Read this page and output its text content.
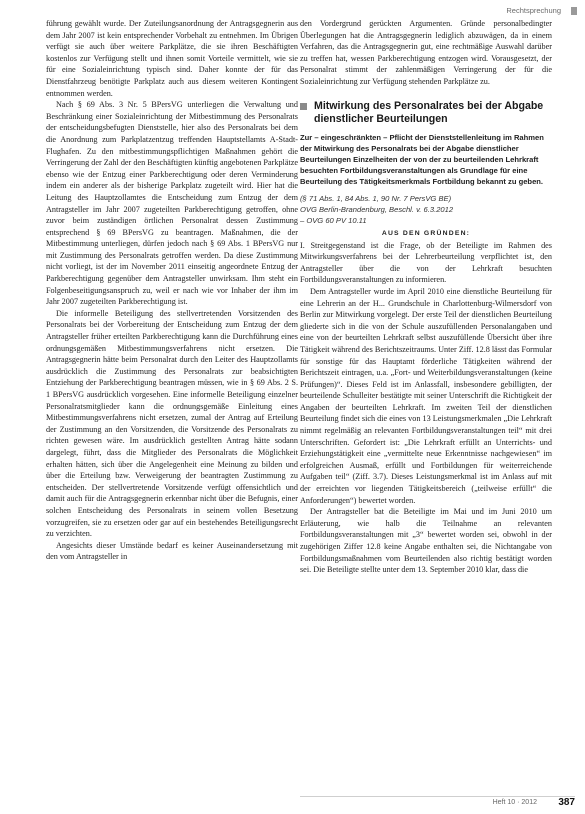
Rechtsprechung

führung gewählt wurde. Der Zuteilungsanordnung der Antragsgegnerin aus dem Jahr 2007 ist kein entsprechender Vorbehalt zu entnehmen. Im Übrigen verfügt sie auch über weitere Parkplätze, die sie ihren Beschäftigten kostenlos zur Verfügung stellt und ihnen somit Vorteile vermittelt, wie sie für eine Sozialeinrichtung typisch sind. Daher konnte der für das Dienstfahrzeug benötigte Parkplatz auch aus diesem weiteren Kontingent entnommen werden.

Nach § 69 Abs. 3 Nr. 5 BPersVG unterliegen die Verwaltung und Beschränkung einer Sozialeinrichtung der Mitbestimmung des Personalrats der entscheidungsbefugten Dienststelle, hier also des Personalrats bei dem die Anordnung zum Parkplatzentzug treffenden Hauptstellamts A-Stadt-Flughafen. Zu den mitbestimmungspflichtigen Maßnahmen gehört die Verringerung der Zahl der den Beschäftigten künftig angebotenen Parkplätze ebenso wie der Entzug einer Parkberechtigung oder deren Verminderung indem ein anderer als der bisherige Parkplatz zugeteilt wird. Hier hat die Leitung des Hauptzollamtes die Entscheidung zum Entzug der dem Antragsteller im Jahr 2007 zugeteilten Parkberechtigung getroffen, ohne zuvor beim zuständigen örtlichen Personalrat dessen Zustimmung entsprechend § 69 BPersVG zu beantragen. Maßnahmen, die der Mitbestimmung unterliegen, dürfen jedoch nach § 69 Abs. 1 BPersVG nur mit Zustimmung des Personalrats getroffen werden. Da diese Zustimmung nicht vorliegt, ist der im November 2011 einseitig angeordnete Entzug der Parkberechtigung gegenüber dem Antragsteller unwirksam. Ihm steht ein Folgenbeseitigungsanspruch zu, weil er nach wie vor Inhaber der ihm im Jahr 2007 zugeteilten Parkberechtigung ist.

Die informelle Beteiligung des stellvertretenden Vorsitzenden des Personalrats bei der Vorbereitung der Entscheidung zum Entzug der dem Antragsteller früher erteilten Parkberechtigung kann die Durchführung eines ordnungsgemäßen Mitbestimmungsverfahrens nicht ersetzen. Die Antragsgegnerin hätte beim Personalrat durch den Leiter des Hauptzollamts ausdrücklich die Zustimmung des Personalrats zur beabsichtigten Entziehung der Parkberechtigung beantragen müssen, wie in § 69 Abs. 2 S. 1 BPersVG ausdrücklich vorgesehen. Eine informelle Beteiligung einzelner Personalratsmitglieder kann die ordnungsgemäße Einleitung eines Mitbestimmungsverfahrens nicht ersetzen, zumal der Antrag auf Erteilung der Zustimmung an den Vorsitzenden, die Vorsitzende des Personalrats zu richten gewesen wäre. Im ausdrücklich gestellten Antrag hätte sodann dargelegt, führt, dass die Mitglieder des Personalrats die Möglichkeit erhalten hätten, sich über die Angelegenheit eine Meinung zu bilden und über die Erteilung bzw. Verweigerung der beantragten Zustimmung zu entscheiden. Der stellvertretende Vorsitzende verfügt offensichtlich und damit auch für die Antragsgegnerin erkennbar nicht über die Befugnis, einer solchen Entscheidung des Personalrats in seinem vollen Besetzung vorzugreifen, sie zu ersetzen oder gar auf ein bestehendes Beteiligungsrecht zu verzichten.

Angesichts dieser Umstände bedarf es keiner Auseinandersetzung mit den vom Antragsteller in

den Vordergrund gerückten Argumenten. Gründe personalbedingter Überlegungen hat die Antragsgegnerin lediglich abzuwägen, da in einem Verfahren, das die Antragsgegnerin gut, eine rechtmäßige Auswahl darüber zu treffen hat, wessen Parkberechtigung entzogen wird. Vorausgesetzt, der Personalrat stimmt der zahlenmäßigen Verringerung der für die Sozialeinrichtung zur Verfügung stehenden Parkplätze zu.

Mitwirkung des Personalrates bei der Abgabe dienstlicher Beurteilungen
Zur – eingeschränkten – Pflicht der Dienststellenleitung im Rahmen der Mitwirkung des Personalrats bei der Abgabe dienstlicher Beurteilungen Einzelheiten der von der zu beurteilenden Lehrkraft besuchten Fortbildungsveranstaltungen als Grundlage für eine Beurteilung des Tätigkeitsmerkmals Fortbildung bekannt zu geben.
(§ 71 Abs. 1, 84 Abs. 1, 90 Nr. 7 PersVG BE)
OVG Berlin-Brandenburg, Beschl. v. 6.3.2012
– OVG 60 PV 10.11
AUS DEN GRÜNDEN:

I. Streitgegenstand ist die Frage, ob der Beteiligte im Rahmen des Mitwirkungsverfahrens bei der Lehrerbeurteilung verpflichtet ist, den Antragsteller über die von der Lehrkraft besuchten Fortbildungsveranstaltungen zu informieren.

Dem Antragsteller wurde im April 2010 eine dienstliche Beurteilung für eine Lehrerin an der H... Grundschule in Charlottenburg-Wilmersdorf von Berlin zur Mitwirkung vorgelegt. Der erste Teil der dienstlichen Beurteilung gliederte sich in die von der Schule auszufüllenden Personalangaben und eine von der beurteilten Lehrkraft selbst auszufüllende Übersicht über ihre Tätigkeit während des Berichtszeitraums. Unter Ziff. 12.8 lässt das Formular für sonstige für das Hauptamt förderliche Tätigkeiten während der Berichtszeit eintragen, u.a. „Fort- und Weiterbildungsveranstaltungen (keine Prüfungen)“. Dieses Feld ist im Anlassfall, insbesondere gebilligten, der beurteilende Schulleiter bestätigte mit seiner Unterschrift die Richtigkeit der Angaben der beurteilten Lehrkraft. Im zweiten Teil der dienstlichen Beurteilung findet sich die eines von 13 Leistungsmerkmalen „Die Lehrkraft nimmt regelmäßig an relevanten Fortbildungsveranstaltungen teil“ mit drei Unterschriften. Gefordert ist: „Die Lehrkraft erfüllt an Unterrichts- und Erziehungstätigkeit eine „vermittelte neue Erkenntnisse nachgewiesen“ im erfolgreichen Ausmaß, erfüllt und Fortbildungen für weiterreichende Aufgaben teil“ (Ziff. 3.7). Dieses Leistungsmerkmal ist im Anlass auf mit der erreichten vor liegenden Tätigkeitsbereich („teilweise erfüllt“ die Anforderungen“) bewertet worden.

Der Antragsteller bat die Beteiligte im Mai und im Juni 2010 um Erläuterung, wie halb die Teilnahme an relevanten Fortbildungsveranstaltungen mit „3“ bewertet worden sei, obwohl in der zugehörigen Ziffer 12.8 keine Angabe enthalten sei, die Nichtangabe von Fortbildungsmaßnahmen vom Beurteilenden also richtig bestätigt worden sei. Die Beteiligte stellte unter dem 13. September 2010 klar, dass die

Heft 10 · 2012 387
